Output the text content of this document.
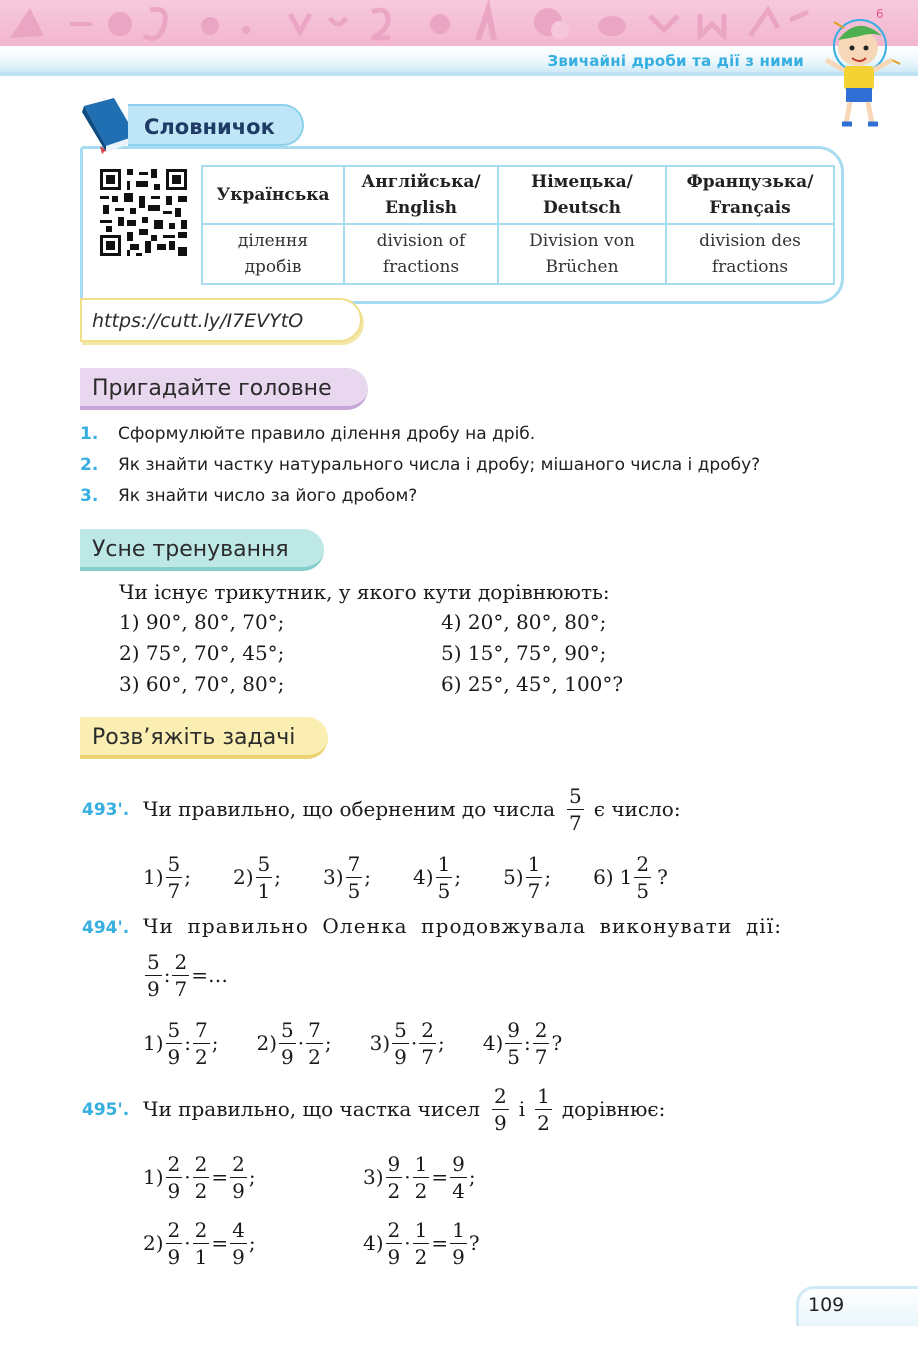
Звичайні дроби та дії з ними
6
Словничок
Українська	Англійська/ English	Німецька/ Deutsch	Французька/ Français
ділення дробів	division of fractions	Division von Brüchen	division des fractions
https://cutt.ly/I7EVYtO
Пригадайте головне
1. Сформулюйте правило ділення дробу на дріб.
2. Як знайти частку натурального числа і дробу; мішаного числа і дробу?
3. Як знайти число за його дробом?
Усне тренування
Чи існує трикутник, у якого кути дорівнюють:
1) 90°, 80°, 70°;
2) 75°, 70°, 45°;
3) 60°, 70°, 80°;
4) 20°, 80°, 80°;
5) 15°, 75°, 90°;
6) 25°, 45°, 100°?
Розв’яжіть задачі
493'. Чи правильно, що оберненим до числа $\frac{5}{7}$ є число:
$1) \frac{5}{7}$ ; $2) \frac{5}{1}$ ; $3) \frac{7}{5}$ ; $4) \frac{1}{5}$ ; $5) \frac{1}{7}$ ; 6) $1 \frac{2}{5}$ ?
494'. Чи правильно Оленка продовжувала виконувати дії:
$\frac{5}{9}$ : $\frac{2}{7}$ =…
$1) \frac{5}{9}$ : $\frac{7}{2}$ ; $2) \frac{5}{9} \cdot \frac{7}{2}$ ; $3) \frac{5}{9} \cdot \frac{2}{7}$ ; $4) \frac{9}{5}$ : $\frac{2}{7}$ ?
495'. Чи правильно, що частка чисел $\frac{2}{9}$ і $\frac{1}{2}$ дорівнює:
$1) \frac{2}{9} \cdot \frac{2}{2} = \frac{2}{9}$ ;	$3) \frac{9}{2} \cdot \frac{1}{2} = \frac{9}{4}$ ;
$2) \frac{2}{9} \cdot \frac{2}{1} = \frac{4}{9}$ ;	$4) \frac{2}{9} \cdot \frac{1}{2} = \frac{1}{9}$ ?
109
